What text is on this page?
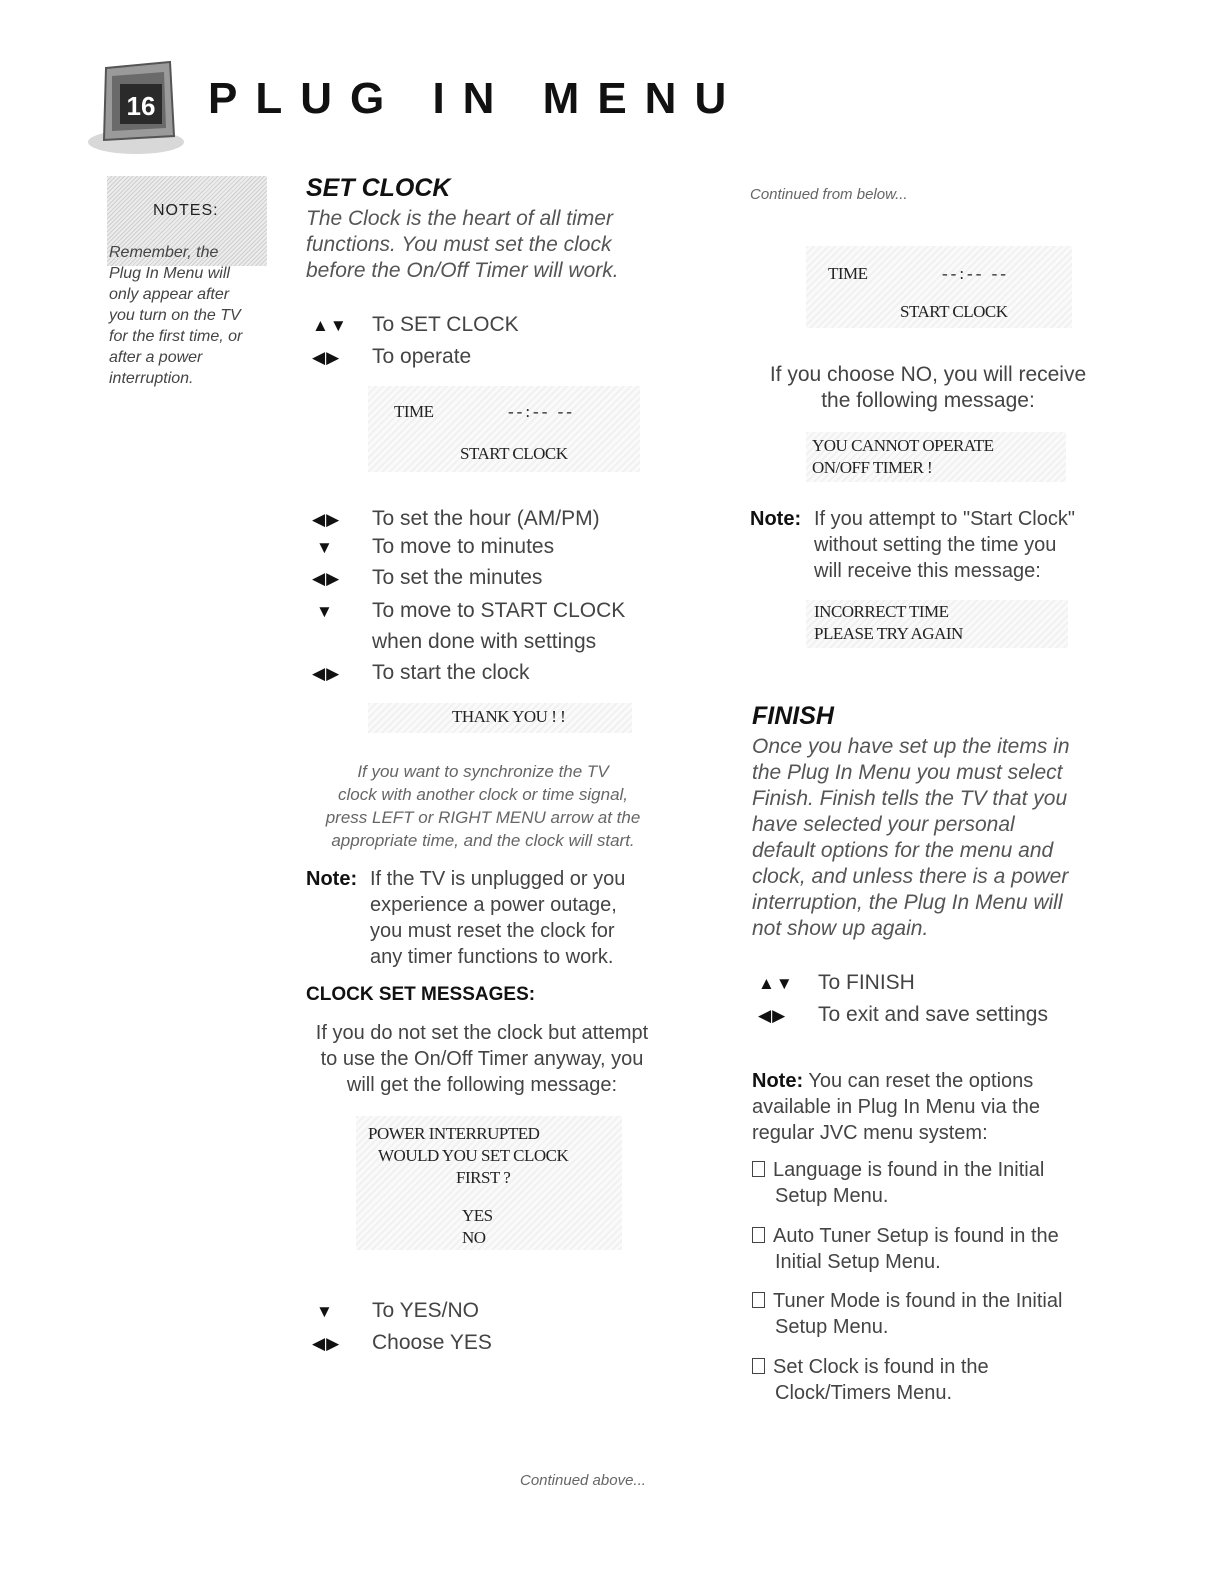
16 PLUG IN MENU
NOTES:
Remember, the
Plug In Menu will
only appear after
you turn on the TV
for the first time, or
after a power
interruption.
SET CLOCK
The Clock is the heart of all timer
functions. You must set the clock
before the On/Off Timer will work.
▲▼ To SET CLOCK
◀▶ To operate
TIME	--:-- --
START CLOCK
◀▶ To set the hour (AM/PM)
▼ To move to minutes
◀▶ To set the minutes
▼ To move to START CLOCK
when done with settings
◀▶ To start the clock
THANK YOU ! !
If you want to synchronize the TV
clock with another clock or time signal,
press LEFT or RIGHT MENU arrow at the
appropriate time, and the clock will start.
Note: If the TV is unplugged or you
experience a power outage,
you must reset the clock for
any timer functions to work.
CLOCK SET MESSAGES:
If you do not set the clock but attempt
to use the On/Off Timer anyway, you
will get the following message:
POWER INTERRUPTED
WOULD YOU SET CLOCK
FIRST ?
YES
NO
▼ To YES/NO
◀▶ Choose YES
Continued from below...
TIME	--:-- --
START CLOCK
If you choose NO, you will receive
the following message:
YOU CANNOT OPERATE
ON/OFF TIMER !
Note: If you attempt to "Start Clock"
without setting the time you
will receive this message:
INCORRECT TIME
PLEASE TRY AGAIN
FINISH
Once you have set up the items in
the Plug In Menu you must select
Finish. Finish tells the TV that you
have selected your personal
default options for the menu and
clock, and unless there is a power
interruption, the Plug In Menu will
not show up again.
▲▼ To FINISH
◀▶ To exit and save settings
Note: You can reset the options
available in Plug In Menu via the
regular JVC menu system:
Language is found in the Initial
Setup Menu.
Auto Tuner Setup is found in the
Initial Setup Menu.
Tuner Mode is found in the Initial
Setup Menu.
Set Clock is found in the
Clock/Timers Menu.
Continued above...
